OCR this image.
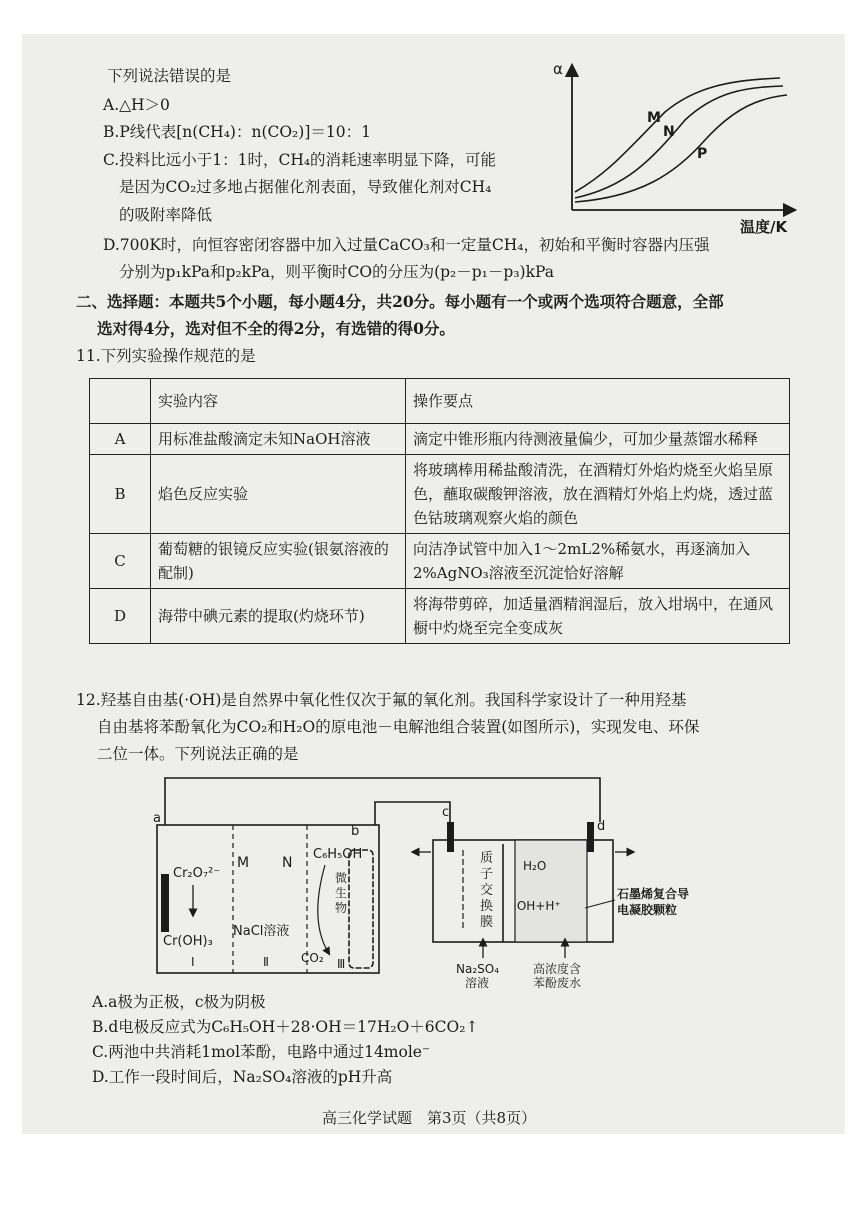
下列说法错误的是
A.△H＞0
B.P线代表[n(CH₄)：n(CO₂)]＝10：1
C.投料比远小于1：1时，CH₄的消耗速率明显下降，可能
是因为CO₂过多地占据催化剂表面，导致催化剂对CH₄
的吸附率降低
D.700K时，向恒容密闭容器中加入过量CaCO₃和一定量CH₄，初始和平衡时容器内压强
分别为p₁kPa和p₂kPa，则平衡时CO的分压为(p₂－p₁－p₃)kPa
α
温度/K
M
N
P
二、选择题：本题共5个小题，每小题4分，共20分。每小题有一个或两个选项符合题意，全部
选对得4分，选对但不全的得2分，有选错的得0分。
11.下列实验操作规范的是
	实验内容	操作要点
A	用标准盐酸滴定未知NaOH溶液	滴定中锥形瓶内待测液量偏少，可加少量蒸馏水稀释
B	焰色反应实验	将玻璃棒用稀盐酸清洗，在酒精灯外焰灼烧至火焰呈原色，蘸取碳酸钾溶液，放在酒精灯外焰上灼烧，透过蓝色钴玻璃观察火焰的颜色
C	葡萄糖的银镜反应实验(银氨溶液的配制)	向洁净试管中加入1～2mL2%稀氨水，再逐滴加入2%AgNO₃溶液至沉淀恰好溶解
D	海带中碘元素的提取(灼烧环节)	将海带剪碎，加适量酒精润湿后，放入坩埚中，在通风橱中灼烧至完全变成灰
12.羟基自由基(·OH)是自然界中氧化性仅次于氟的氧化剂。我国科学家设计了一种用羟基
自由基将苯酚氧化为CO₂和H₂O的原电池－电解池组合装置(如图所示)，实现发电、环保
二位一体。下列说法正确的是
a
Cr₂O₇²⁻
Cr(OH)₃
Ⅰ
M N
NaCl溶液
Ⅱ
C₆H₅OH
b
微生物
CO₂ Ⅲ
c
d
质子交换膜
H₂O
·OH+H⁺
Na₂SO₄
溶液
高浓度含
苯酚废水
石墨烯复合导
电凝胶颗粒
A.a极为正极，c极为阴极
B.d电极反应式为C₆H₅OH＋28·OH＝17H₂O＋6CO₂↑
C.两池中共消耗1mol苯酚，电路中通过14mole⁻
D.工作一段时间后，Na₂SO₄溶液的pH升高
高三化学试题　第3页（共8页）
